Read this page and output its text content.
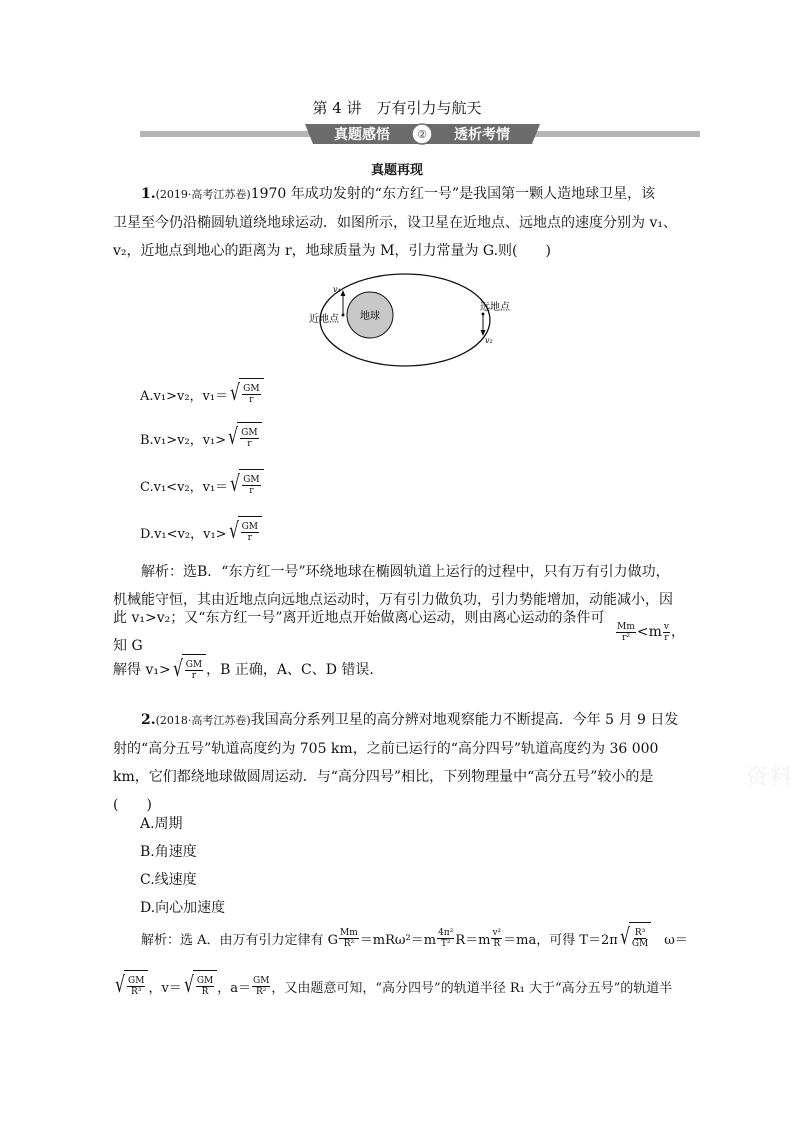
第 4 讲　万有引力与航天
②
真题感悟	透析考情
真题再现
1.(2019·高考江苏卷)1970 年成功发射的“东方红一号”是我国第一颗人造地球卫星，该
卫星至今仍沿椭圆轨道绕地球运动．如图所示，设卫星在近地点、远地点的速度分别为 v₁、
v₂，近地点到地心的距离为 r，地球质量为 M，引力常量为 G.则(　　)
地球
近地点
远地点
v₁
v₂
A.v₁>v₂，v₁＝ √ $\frac{GM}{r}$
B.v₁>v₂，v₁> √ $\frac{GM}{r}$
C.v₁<v₂，v₁＝ √ $\frac{GM}{r}$
D.v₁<v₂，v₁> √ $\frac{GM}{r}$
解析：选B．“东方红一号”环绕地球在椭圆轨道上运行的过程中，只有万有引力做功，
机械能守恒，其由近地点向远地点运动时，万有引力做负功，引力势能增加，动能减小，因
此 v₁>v₂；又“东方红一号”离开近地点开始做离心运动，则由离心运动的条件可知 G
$\frac{Mm}{\text{r²}} <m \frac{v}{r}$ ，
解得 v₁> √ $\frac{GM}{r}$ ，B 正确，A、C、D 错误．
2.(2018·高考江苏卷)我国高分系列卫星的高分辨对地观察能力不断提高．今年 5 月 9 日发
射的“高分五号”轨道高度约为 705 km，之前已运行的“高分四号”轨道高度约为 36 000
km，它们都绕地球做圆周运动．与“高分四号”相比，下列物理量中“高分五号”较小的是
(　　)
A.周期
B.角速度
C.线速度
D.向心加速度
解析：选 A．由万有引力定律有 G $\frac{Mm}{\text{R²}} =mR\omega^2=m \frac{\text{4π²}}{\text{T²}} R=m \frac{\text{v²}}{R} =ma$，可得 T＝2π √ $\frac{\text{R³}}{GM}$ 　ω＝
√ $\frac{GM}{\text{R³}}$ ，v＝ √ $\frac{GM}{R}$ ，$a= \frac{GM}{\text{R²}}$ ，又由题意可知，“高分四号”的轨道半径 R₁ 大于“高分五号”的轨道半
资料
